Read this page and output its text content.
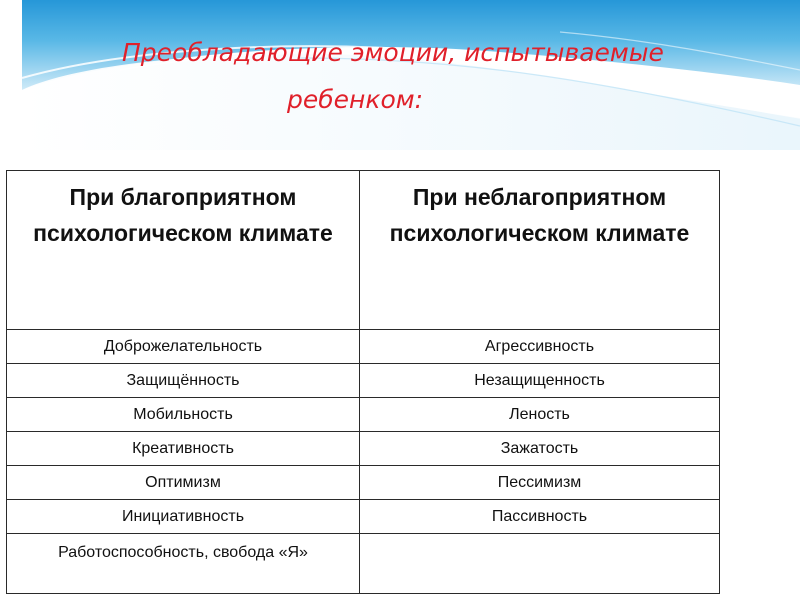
Преобладающие эмоции, испытываемые
ребенком:
При благоприятном психологическом климате	При неблагоприятном психологическом климате
Доброжелательность	Агрессивность
Защищённость	Незащищенность
Мобильность	Леность
Креативность	Зажатость
Оптимизм	Пессимизм
Инициативность	Пассивность
Работоспособность, свобода «Я»	
